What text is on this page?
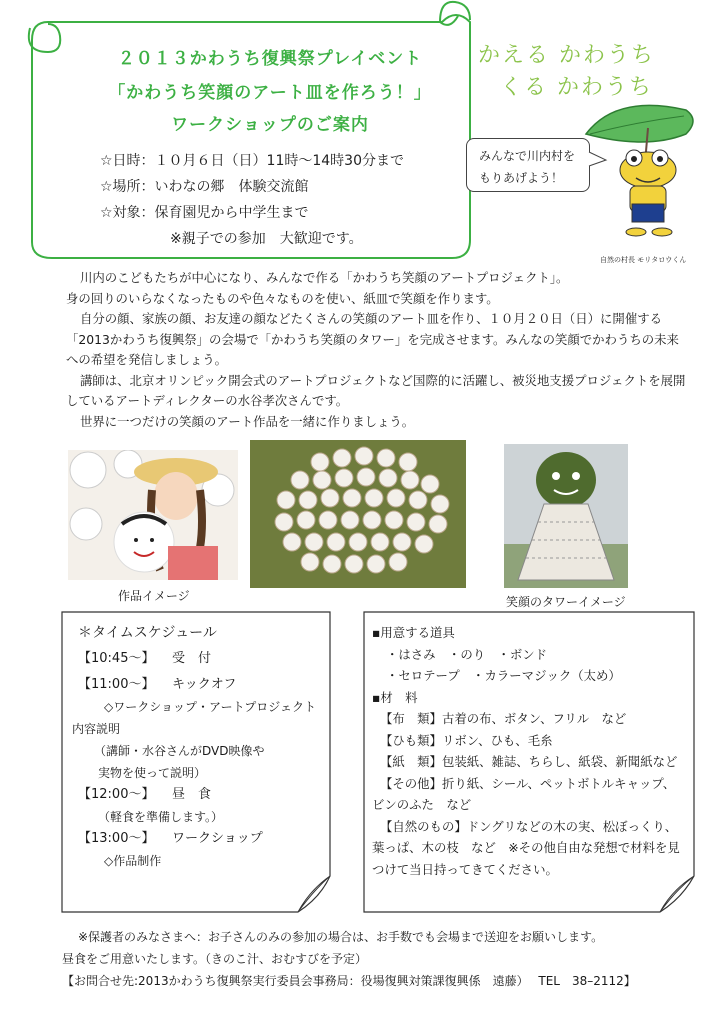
２０１３かわうち復興祭プレイベント
「かわうち笑顔のアート皿を作ろう！」
ワークショップのご案内
☆日時：１０月６日（日）11時～14時30分まで
☆場所：いわなの郷　体験交流館
☆対象：保育園児から中学生まで
※親子での参加　大歓迎です。
かえる かわうち
くる かわうち
みんなで川内村を
もりあげよう！
自然の村長 モリタロウくん

川内のこどもたちが中心になり、みんなで作る「かわうち笑顔のアートプロジェクト」。

身の回りのいらなくなったものや色々なものを使い、紙皿で笑顔を作ります。

自分の顔、家族の顔、お友達の顔などたくさんの笑顔のアート皿を作り、１０月２０日（日）に開催する

「2013かわうち復興祭」の会場で「かわうち笑顔のタワー」を完成させます。みんなの笑顔でかわうちの未来

への希望を発信しましょう。

講師は、北京オリンピック開会式のアートプロジェクトなど国際的に活躍し、被災地支援プロジェクトを展開

しているアートディレクターの水谷孝次さんです。

世界に一つだけの笑顔のアート作品を一緒に作りましょう。

作品イメージ	笑顔のタワーイメージ
＊タイムスケジュール
【10:45～】 受　付
【11:00～】 キックオフ
◇ワークショップ・アートプロジェクト
内容説明
（講師・水谷さんがDVD映像や
実物を使って説明）
【12:00～】 昼　食
（軽食を準備します。）
【13:00～】 ワークショップ
◇作品制作
▪用意する道具
・はさみ　・のり　・ボンド
・セロテープ　・カラーマジック（太め）
▪材　料
【布　類】古着の布、ボタン、フリル　など
【ひも類】リボン、ひも、毛糸
【紙　類】包装紙、雑誌、ちらし、紙袋、新聞紙など
【その他】折り紙、シール、ペットボトルキャップ、
ビンのふた　など
【自然のもの】ドングリなどの木の実、松ぼっくり、
葉っぱ、木の枝　など　※その他自由な発想で材料を見
つけて当日持ってきてください。
※保護者のみなさまへ：お子さんのみの参加の場合は、お手数でも会場まで送迎をお願いします。
昼食をご用意いたします。（きのこ汁、おむすびを予定）
【お問合せ先:2013かわうち復興祭実行委員会事務局：役場復興対策課復興係　遠藤）　 TEL　38–2112】
